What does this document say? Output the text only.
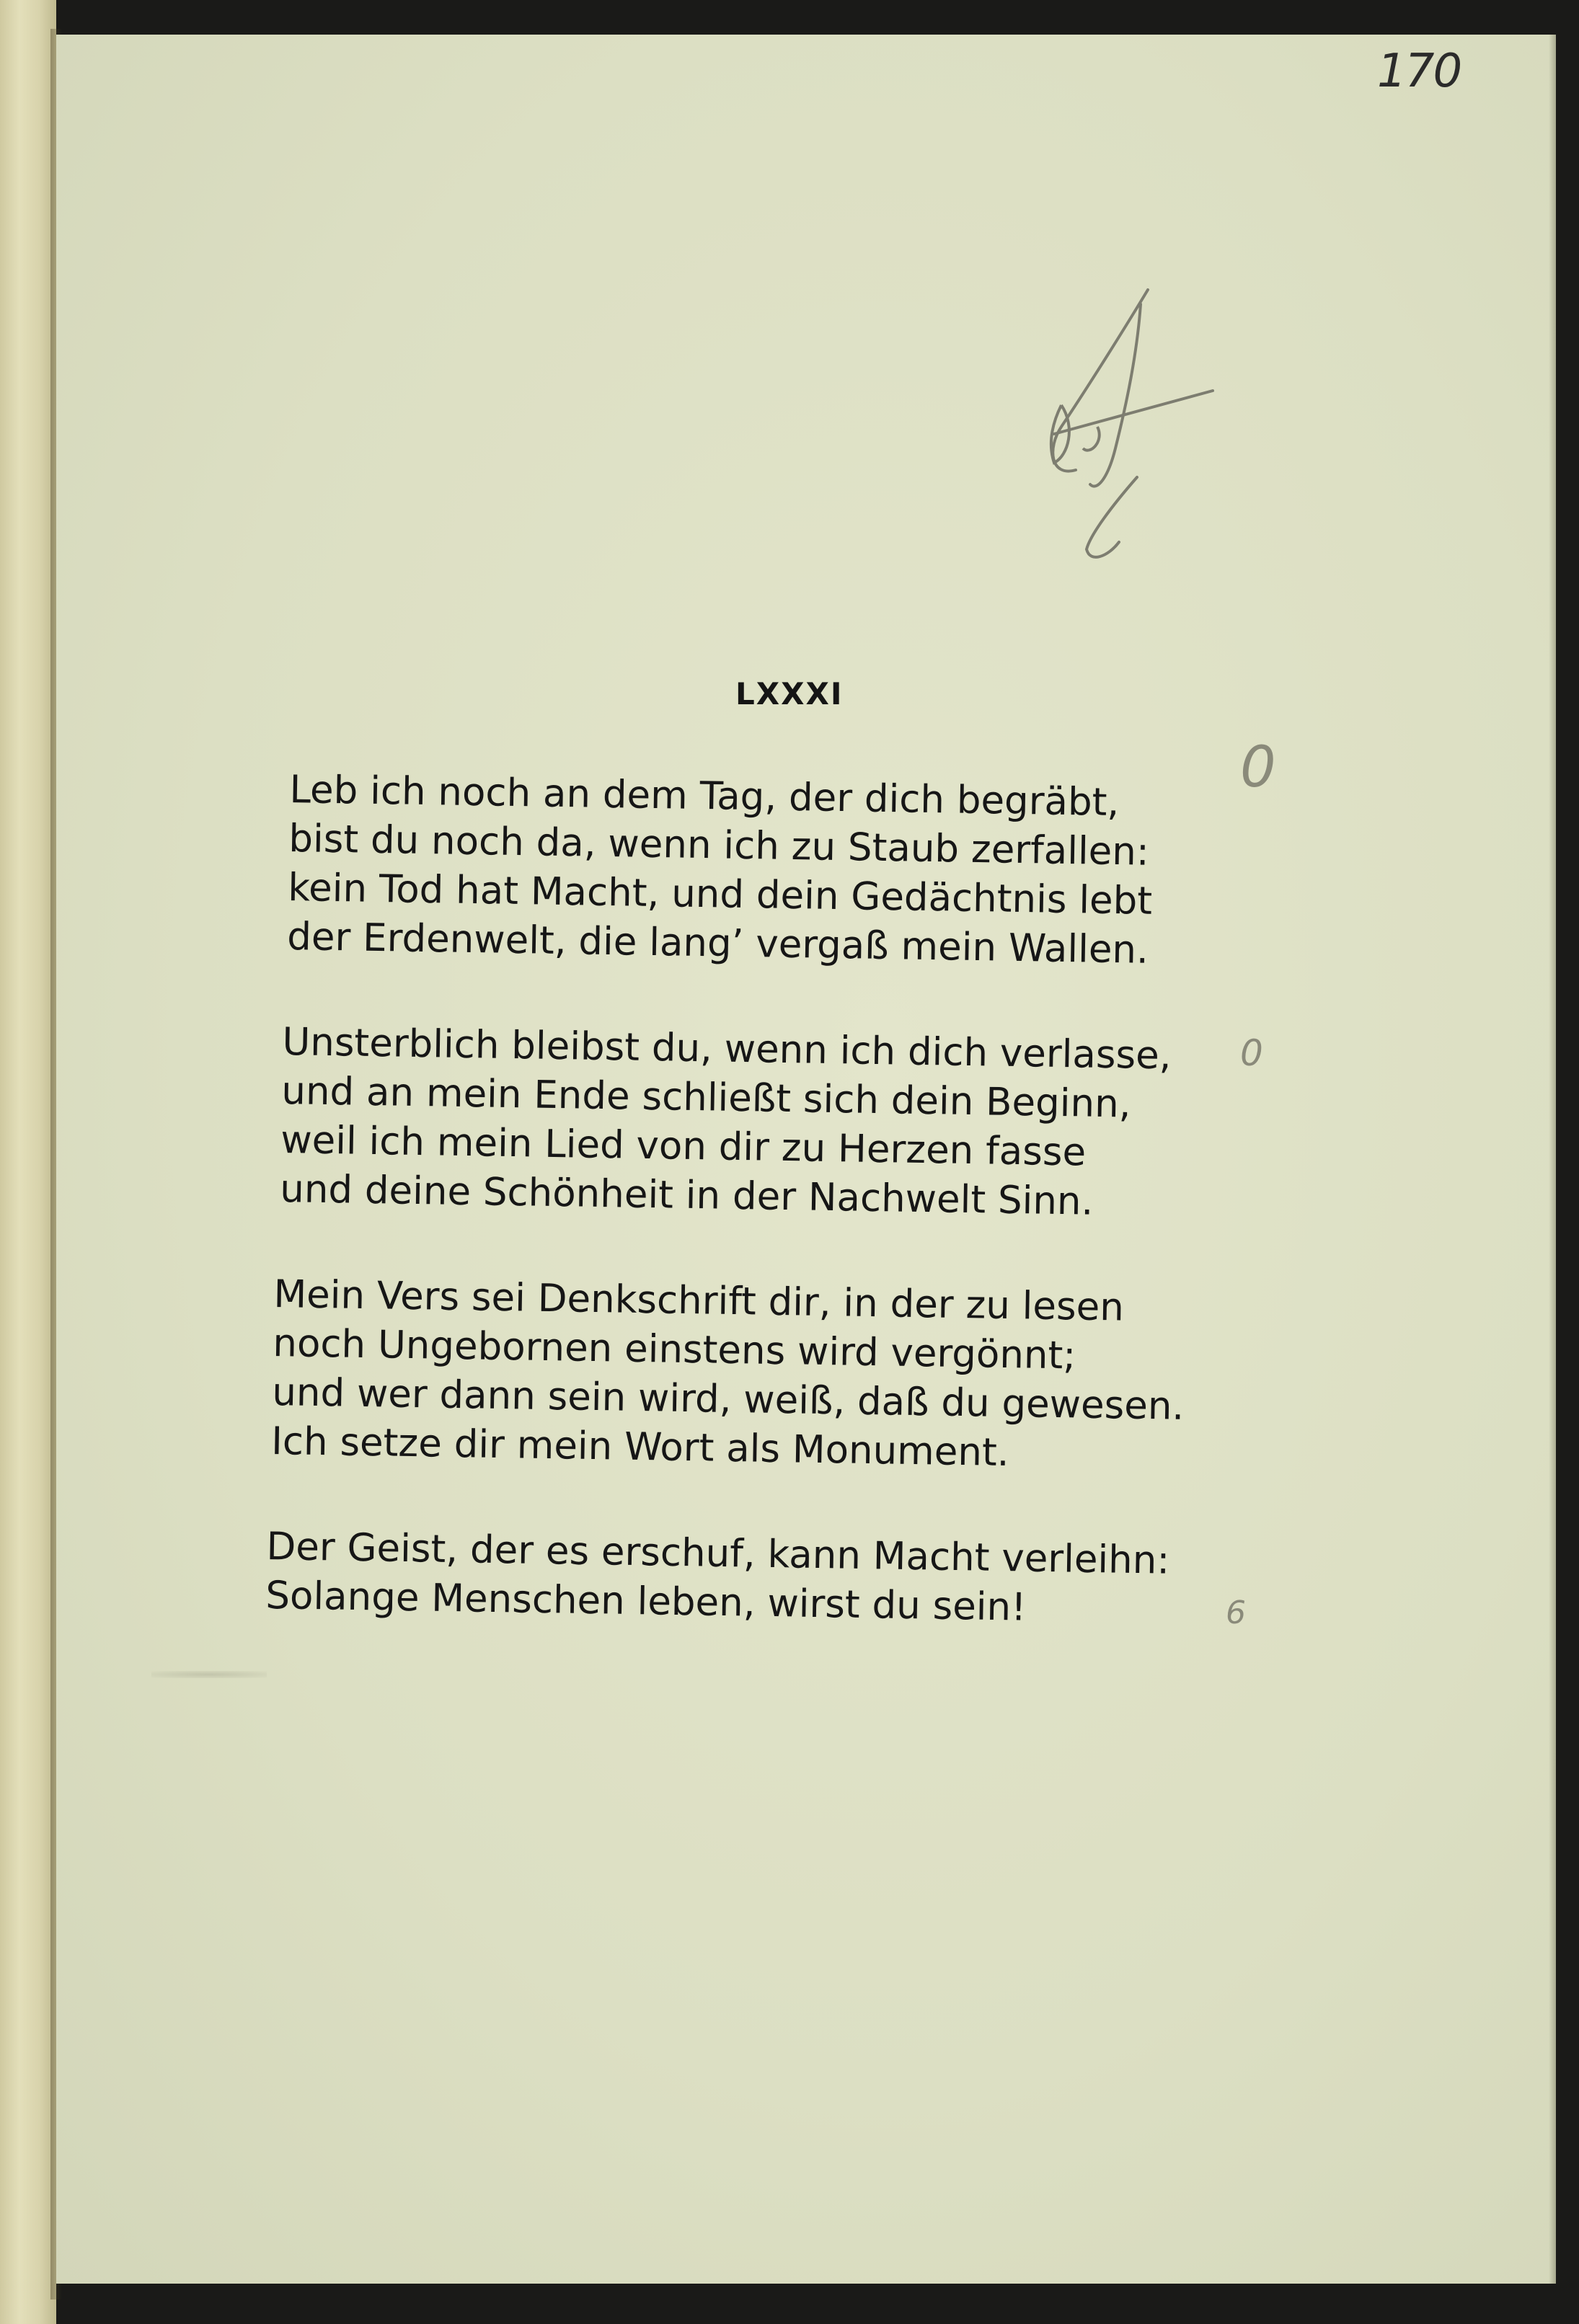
170
0
0
6
LXXXI
Leb ich noch an dem Tag, der dich begräbt,
bist du noch da, wenn ich zu Staub zerfallen:
kein Tod hat Macht, und dein Gedächtnis lebt
der Erdenwelt, die lang’ vergaß mein Wallen.
Unsterblich bleibst du, wenn ich dich verlasse,
und an mein Ende schließt sich dein Beginn,
weil ich mein Lied von dir zu Herzen fasse
und deine Schönheit in der Nachwelt Sinn.
Mein Vers sei Denkschrift dir, in der zu lesen
noch Ungebornen einstens wird vergönnt;
und wer dann sein wird, weiß, daß du gewesen.
Ich setze dir mein Wort als Monument.
Der Geist, der es erschuf, kann Macht verleihn:
Solange Menschen leben, wirst du sein!
